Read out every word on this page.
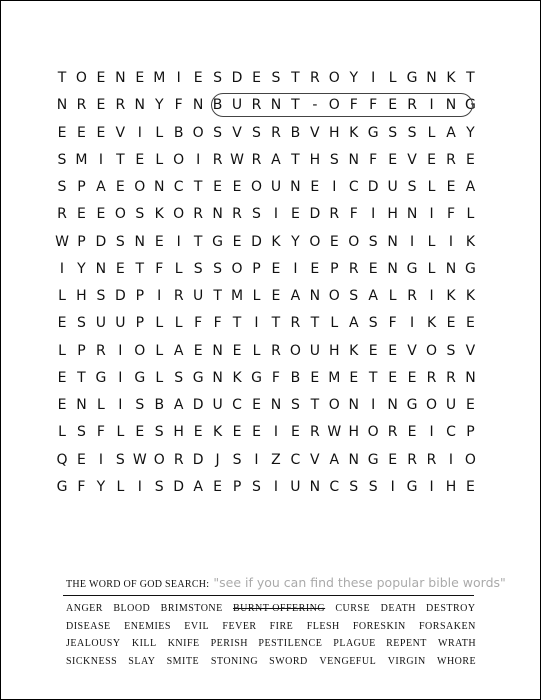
T O E N E M I E S D E S T R O Y I L G N K T
N R E R N Y F N B U R N T - O F F E R I N G
E E E V I L B O S V S R B V H K G S S L A Y
S M I T E L O I R W R A T H S N F E V E R E
S P A E O N C T E E O U N E I C D U S L E A
R E E O S K O R N R S I E D R F I H N I F L
W P D S N E I T G E D K Y O E O S N I L I K
I Y N E T F L S S O P E I E P R E N G L N G
L H S D P I R U T M L E A N O S A L R I K K
E S U U P L L F F T I T R T L A S F I K E E
L P R I O L A E N E L R O U H K E E V O S V
E T G I G L S G N K G F B E M E T E E R R N
E N L I S B A D U C E N S T O N I N G O U E
L S F L E S H E K E E I E R W H O R E I C P
Q E I S W O R D J S I Z C V A N G E R R I O
G F Y L I S D A E P S I U N C S S I G I H E
THE WORD OF GOD SEARCH: "see if you can find these popular bible words"
ANGER BLOOD BRIMSTONE BURNT OFFERING CURSE DEATH DESTROY
DISEASE ENEMIES EVIL FEVER FIRE FLESH FORESKIN FORSAKEN
JEALOUSY KILL KNIFE PERISH PESTILENCE PLAGUE REPENT WRATH
SICKNESS SLAY SMITE STONING SWORD VENGEFUL VIRGIN WHORE
